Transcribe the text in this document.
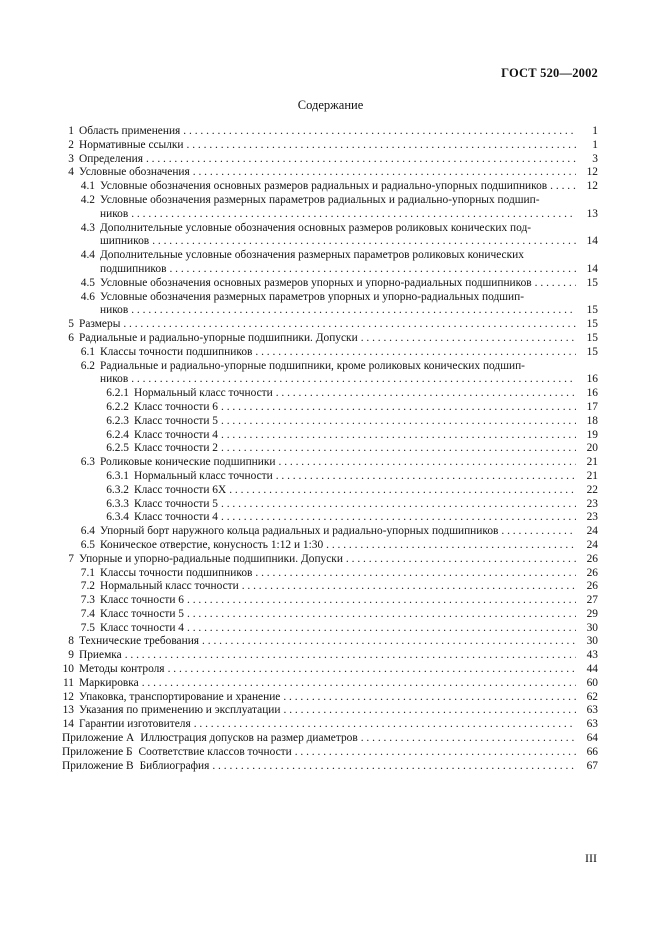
ГОСТ 520—2002
Содержание
1 Область применения . . .	1
2 Нормативные ссылки . . .	1
3 Определения . . .	3
4 Условные обозначения . . .	12
4.1 Условные обозначения основных размеров радиальных и радиально-упорных подшипников . . .	12
4.2 Условные обозначения размерных параметров радиальных и радиально-упорных подшип-
ников . . .	13
4.3 Дополнительные условные обозначения основных размеров роликовых конических под-
шипников . . .	14
4.4 Дополнительные условные обозначения размерных параметров роликовых конических
подшипников . . .	14
4.5 Условные обозначения основных размеров упорных и упорно-радиальных подшипников . . .	15
4.6 Условные обозначения размерных параметров упорных и упорно-радиальных подшип-
ников . . .	15
5 Размеры . . .	15
6 Радиальные и радиально-упорные подшипники. Допуски . . .	15
6.1 Классы точности подшипников . . .	15
6.2 Радиальные и радиально-упорные подшипники, кроме роликовых конических подшип-
ников . . .	16
6.2.1 Нормальный класс точности . . .	16
6.2.2 Класс точности 6 . . .	17
6.2.3 Класс точности 5 . . .	18
6.2.4 Класс точности 4 . . .	19
6.2.5 Класс точности 2 . . .	20
6.3 Роликовые конические подшипники . . .	21
6.3.1 Нормальный класс точности . . .	21
6.3.2 Класс точности 6Х . . .	22
6.3.3 Класс точности 5 . . .	23
6.3.4 Класс точности 4 . . .	23
6.4 Упорный борт наружного кольца радиальных и радиально-упорных подшипников . . .	24
6.5 Коническое отверстие, конусность 1:12 и 1:30 . . .	24
7 Упорные и упорно-радиальные подшипники. Допуски . . .	26
7.1 Классы точности подшипников . . .	26
7.2 Нормальный класс точности . . .	26
7.3 Класс точности 6 . . .	27
7.4 Класс точности 5 . . .	29
7.5 Класс точности 4 . . .	30
8 Технические требования . . .	30
9 Приемка . . .	43
10 Методы контроля . . .	44
11 Маркировка . . .	60
12 Упаковка, транспортирование и хранение . . .	62
13 Указания по применению и эксплуатации . . .	63
14 Гарантии изготовителя . . .	63
Приложение А Иллюстрация допусков на размер диаметров . . .	64
Приложение Б Соответствие классов точности . . .	66
Приложение В Библиография . . .	67
III
